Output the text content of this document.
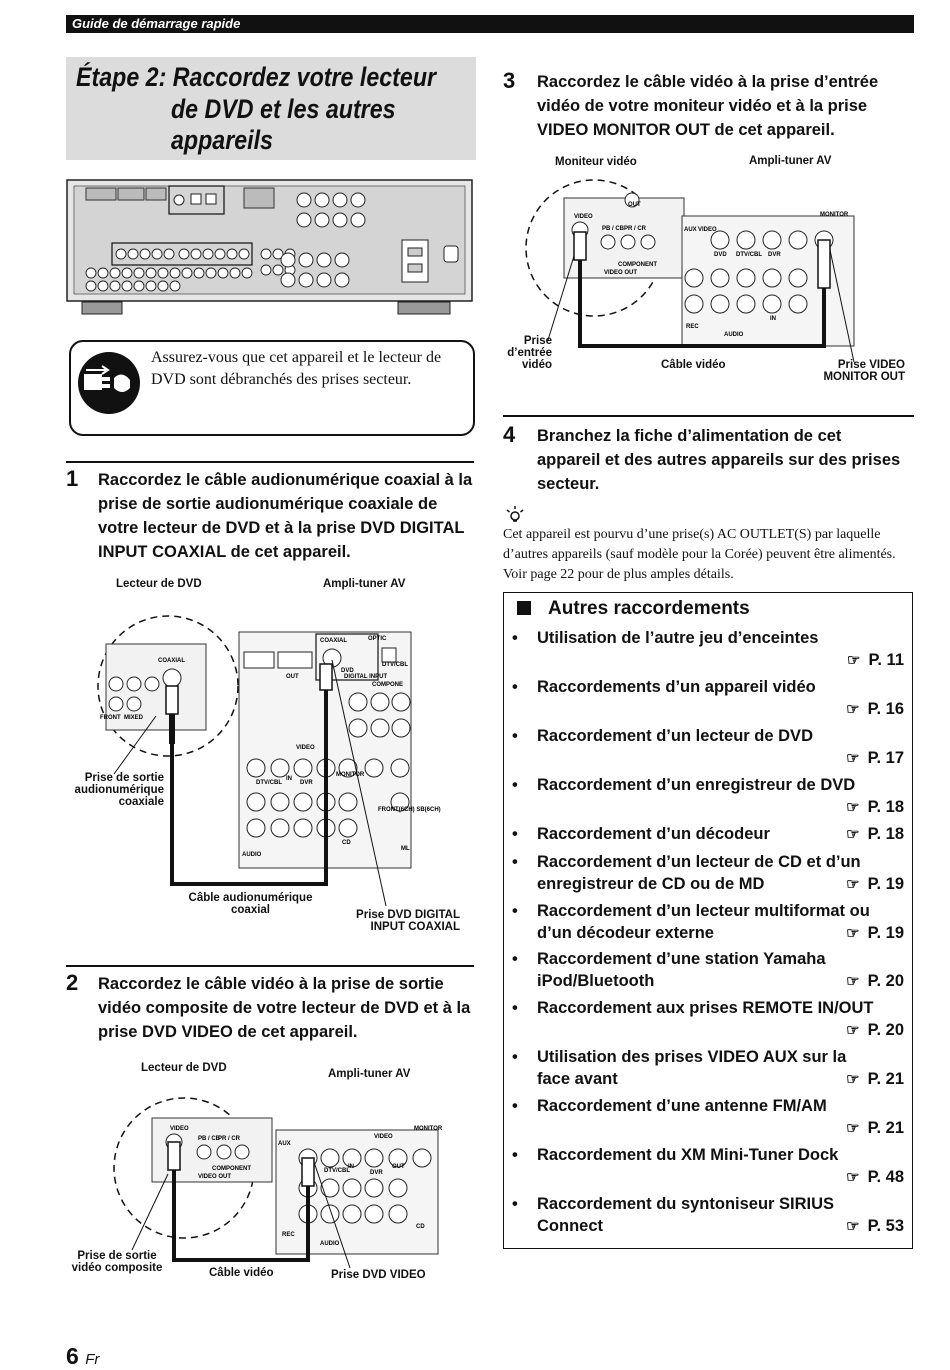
Guide de démarrage rapide
Étape 2: Raccordez votre lecteur
de DVD et les autres
appareils
Assurez-vous que cet appareil et le lecteur de DVD sont débranchés des prises secteur.
1 Raccordez le câble audionumérique coaxial à la prise de sortie audionumérique coaxiale de votre lecteur de DVD et à la prise DVD DIGITAL INPUT COAXIAL de cet appareil.
Lecteur de DVD	Ampli-tuner AV
COAXIAL
FRONT MIXED
COAXIAL
DVD
OPTIC
DTV/CBL
DIGITAL INPUT
COMPONE
OUT
VIDEO
DTV/CBL
IN
DVR
MONITOR
AUDIO
CD
FRONT(6CH) SB(6CH)
ML
Prise de sortie audionumérique coaxiale
Câble audionumérique coaxial	Prise DVD DIGITAL INPUT COAXIAL
2 Raccordez le câble vidéo à la prise de sortie vidéo composite de votre lecteur de DVD et à la prise DVD VIDEO de cet appareil.
Lecteur de DVD	Ampli-tuner AV
VIDEO
PB / CB
PR / CR
COMPONENT
VIDEO OUT
VIDEO
AUX
DTV/CBL
IN
DVR
OUT
MONITOR
AUDIO
CD
REC
Prise de sortie vidéo composite	Câble vidéo	Prise DVD VIDEO
3 Raccordez le câble vidéo à la prise d’entrée vidéo de votre moniteur vidéo et à la prise VIDEO MONITOR OUT de cet appareil.
Moniteur vidéo	Ampli-tuner AV
VIDEO
OUT
PB / CB PR / CR
COMPONENT
VIDEO OUT
AUX VIDEO
DVD DTV/CBL DVR
MONITOR
AUDIO
IN
REC
Prise d’entrée vidéo	Câble vidéo	Prise VIDEO MONITOR OUT
4 Branchez la fiche d’alimentation de cet appareil et des autres appareils sur des prises secteur.
Cet appareil est pourvu d’une prise(s) AC OUTLET(S) par laquelle d’autres appareils (sauf modèle pour la Corée) peuvent être alimentés. Voir page 22 pour de plus amples détails.
Autres raccordements
• Utilisation de l’autre jeu d’enceintes
☞ P. 11
• Raccordements d’un appareil vidéo
☞ P. 16
• Raccordement d’un lecteur de DVD
☞ P. 17
• Raccordement d’un enregistreur de DVD
☞ P. 18
• Raccordement d’un décodeur	☞ P. 18
• Raccordement d’un lecteur de CD et d’un enregistreur de CD ou de MD	☞ P. 19
• Raccordement d’un lecteur multiformat ou d’un décodeur externe	☞ P. 19
• Raccordement d’une station Yamaha iPod/Bluetooth	☞ P. 20
• Raccordement aux prises REMOTE IN/OUT
☞ P. 20
• Utilisation des prises VIDEO AUX sur la face avant	☞ P. 21
• Raccordement d’une antenne FM/AM
☞ P. 21
• Raccordement du XM Mini-Tuner Dock
☞ P. 48
• Raccordement du syntoniseur SIRIUS Connect	☞ P. 53
6 Fr
